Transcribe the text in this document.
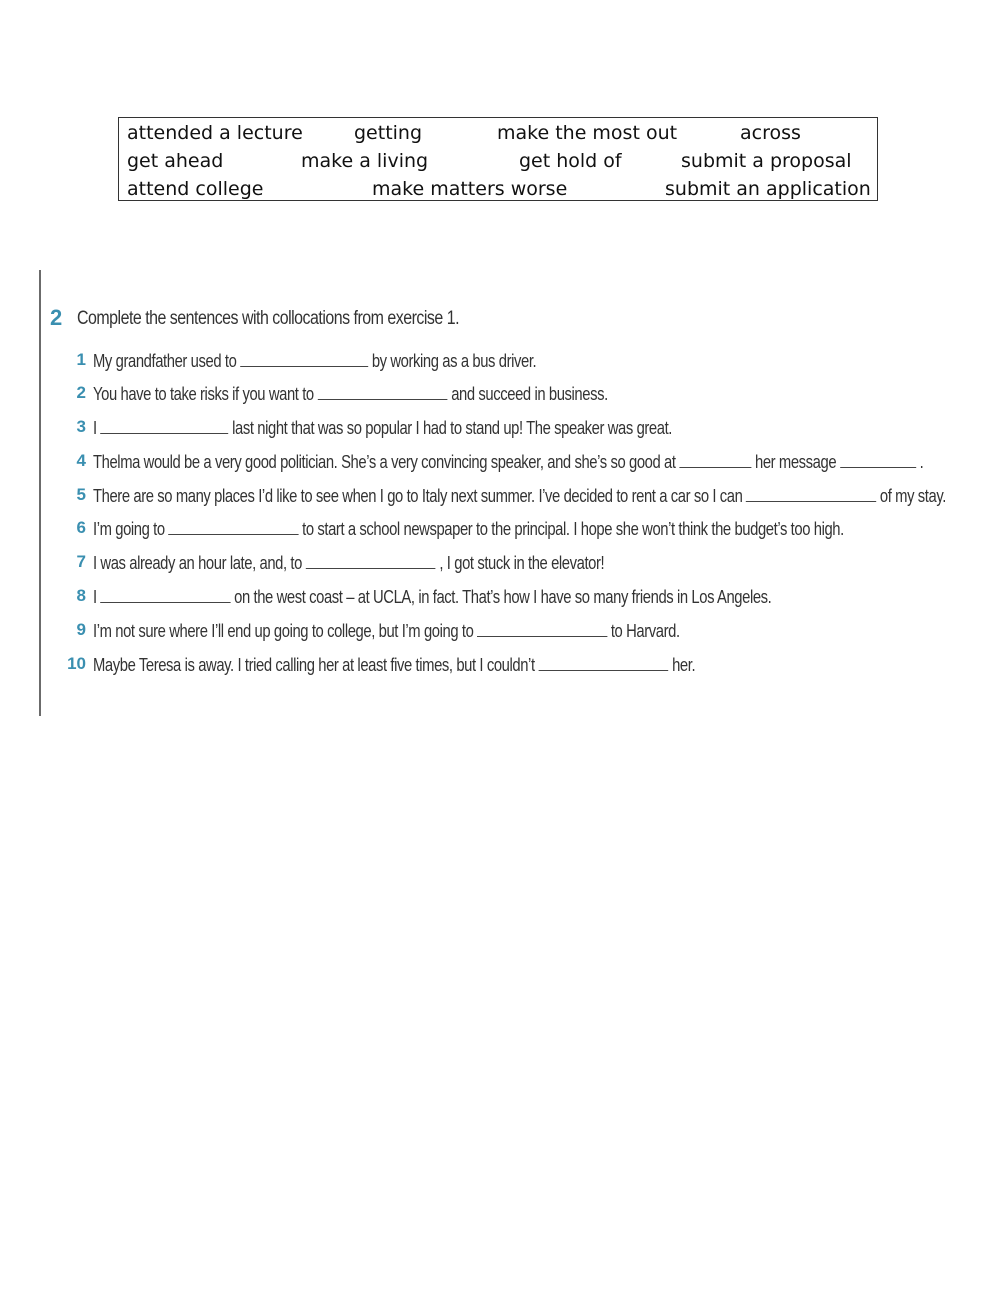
attended a lecture	getting	make the most out	across
get ahead	make a living	get hold of	submit a proposal
attend college	make matters worse	submit an application
2 Complete the sentences with collocations from exercise 1.
1 My grandfather used to	by working as a bus driver.
2 You have to take risks if you want to	and succeed in business.
3 I	last night that was so popular I had to stand up! The speaker was great.
4 Thelma would be a very good politician. She’s a very convincing speaker, and she’s so good at	her message	.
5 There are so many places I’d like to see when I go to Italy next summer. I’ve decided to rent a car so I can	of my stay.
6 I’m going to	to start a school newspaper to the principal. I hope she won’t think the budget’s too high.
7 I was already an hour late, and, to	, I got stuck in the elevator!
8 I	on the west coast – at UCLA, in fact. That’s how I have so many friends in Los Angeles.
9 I’m not sure where I’ll end up going to college, but I’m going to	to Harvard.
10 Maybe Teresa is away. I tried calling her at least five times, but I couldn’t	her.
